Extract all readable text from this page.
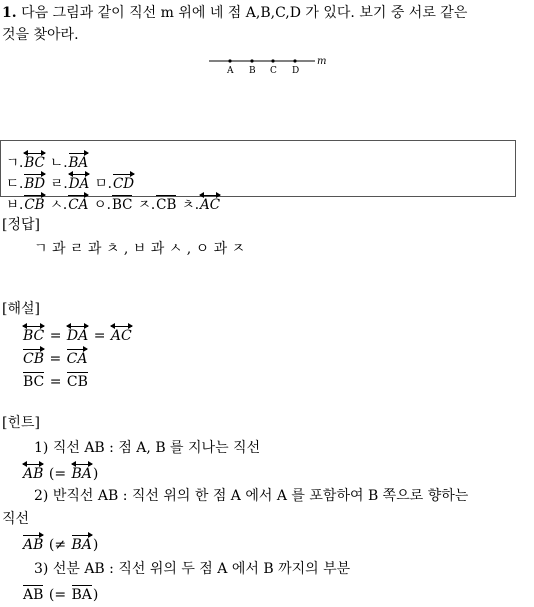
1. 다음 그림과 같이 직선 m 위에 네 점 A,B,C,D 가 있다. 보기 중 서로 같은
것을 찾아라.
A B C D
m
ㄱ.
BC ㄴ.BA
ㄷ.BD ㄹ.
DA ㅁ.CD
ㅂ.CB ㅅ.CA ㅇ.BC ㅈ.CB ㅊ.
AC
[정답]
ㄱ 과 ㄹ 과 ㅊ , ㅂ 과 ㅅ , ㅇ 과 ㅈ
[해설]
BC =
DA =
AC
CB = CA
BC = CB
[힌트]
1) 직선 AB : 점 A, B 를 지나는 직선
AB (=
BA)
2) 반직선 AB : 직선 위의 한 점 A 에서 A 를 포함하여 B 쪽으로 향하는
직선
AB (≠ BA)
3) 선분 AB : 직선 위의 두 점 A 에서 B 까지의 부분
AB (= BA)
